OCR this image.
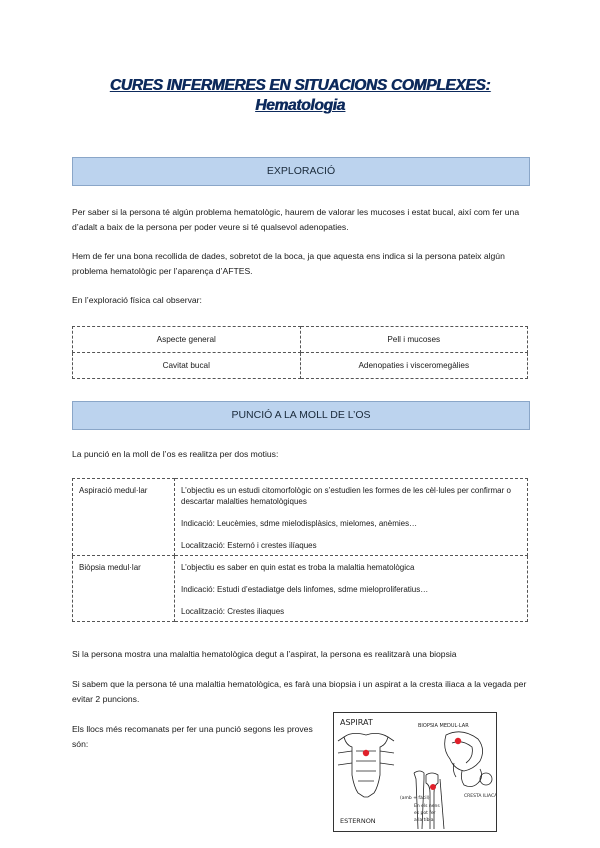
CURES INFERMERES EN SITUACIONS COMPLEXES:
Hematologia
EXPLORACIÓ
Per saber si la persona té algún problema hematològic, haurem de valorar les mucoses i estat bucal, així com fer una d’adalt a baix de la persona per poder veure si té qualsevol adenopaties.
Hem de fer una bona recollida de dades, sobretot de la boca, ja que aquesta ens indica si la persona pateix algún problema hematològic per l’aparença d’AFTES.
En l’exploració física cal observar:
Aspecte general	Pell i mucoses
Cavitat bucal	Adenopaties i visceromegàlies
PUNCIÓ A LA MOLL DE L’OS
La punció en la moll de l’os es realitza per dos motius:
Aspiració medul·lar	L’objectiu es un estudi citomorfològic on s’estudien les formes de les cèl·lules per confirmar o descartar malalties hematològiques
Indicació: Leucèmies, sdme mielodisplàsics, mielomes, anèmies…
Localització: Esternó i crestes ilíaques

Biòpsia medul·lar	L’objectiu es saber en quin estat es troba la malaltia hematològica
Indicació: Estudi d’estadiatge dels linfomes, sdme mieloproliferatius…
Localització: Crestes iliaques
Si la persona mostra una malaltia hematològica degut a l’aspirat, la persona es realitzarà una biopsia
Si sabem que la persona té una malaltia hematològica, es farà una biopsia i un aspirat a la cresta iliaca a la vegada per evitar 2 puncions.
Els llocs més recomanats per fer una punció segons les proves són:
ASPIRAT	BIOPSIA MEDUL·LAR
CRESTA ILIACA
ESTERNON
(amb + fàcil)
En els nens
es pot fer
a la tíbia
